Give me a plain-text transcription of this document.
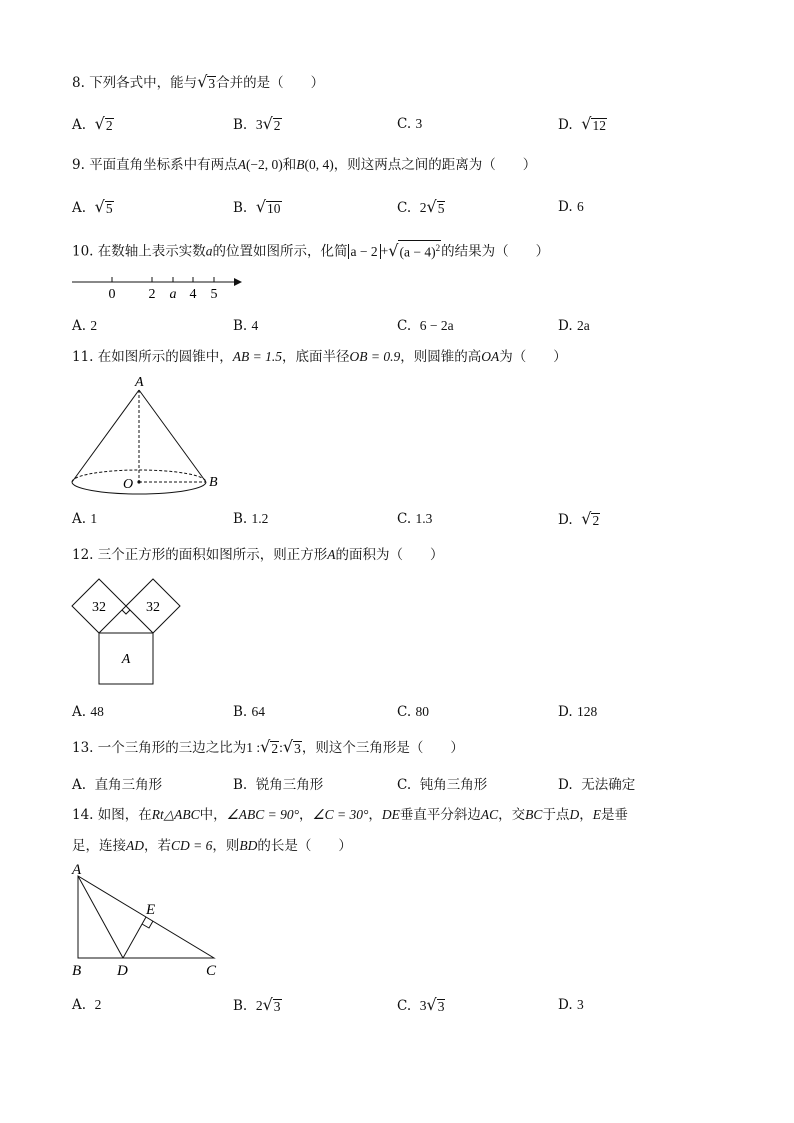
8. 下列各式中，能与 √ 3 合并的是（　　）
A. √ 2	B. 3 √ 2	C. 3	D. √ 12
9. 平面直角坐标系中有两点A(−2, 0)和B(0, 4)，则这两点之间的距离为（　　）
A. √ 5	B. √ 10	C. 2 √ 5	D. 6
10. 在数轴上表示实数a的位置如图所示，化简 a − 2 + √ $(a - 4)^2$ 的结果为（　　）
0 2 a 4 5
A. 2	B. 4	C. 6 − 2a	D. 2a
11. 在如图所示的圆锥中，AB = 1.5，底面半径OB = 0.9，则圆锥的高OA为（　　）
A
O	B
A. 1	B. 1.2	C. 1.3	D. √ 2
12. 三个正方形的面积如图所示，则正方形A的面积为（　　）
32	32
A
A. 48	B. 64	C. 80	D. 128
13. 一个三角形的三边之比为1 : √ 2 : √ 3 ，则这个三角形是（　　）
A. 直角三角形	B. 锐角三角形	C. 钝角三角形	D. 无法确定
14. 如图，在Rt△ABC中，∠ABC = 90°，∠C = 30°，DE垂直平分斜边AC，交BC于点D，E是垂
足，连接AD，若CD = 6，则BD的长是（　　）
A
E
B D	C
A. 2	B. 2 √ 3	C. 3 √ 3	D. 3
